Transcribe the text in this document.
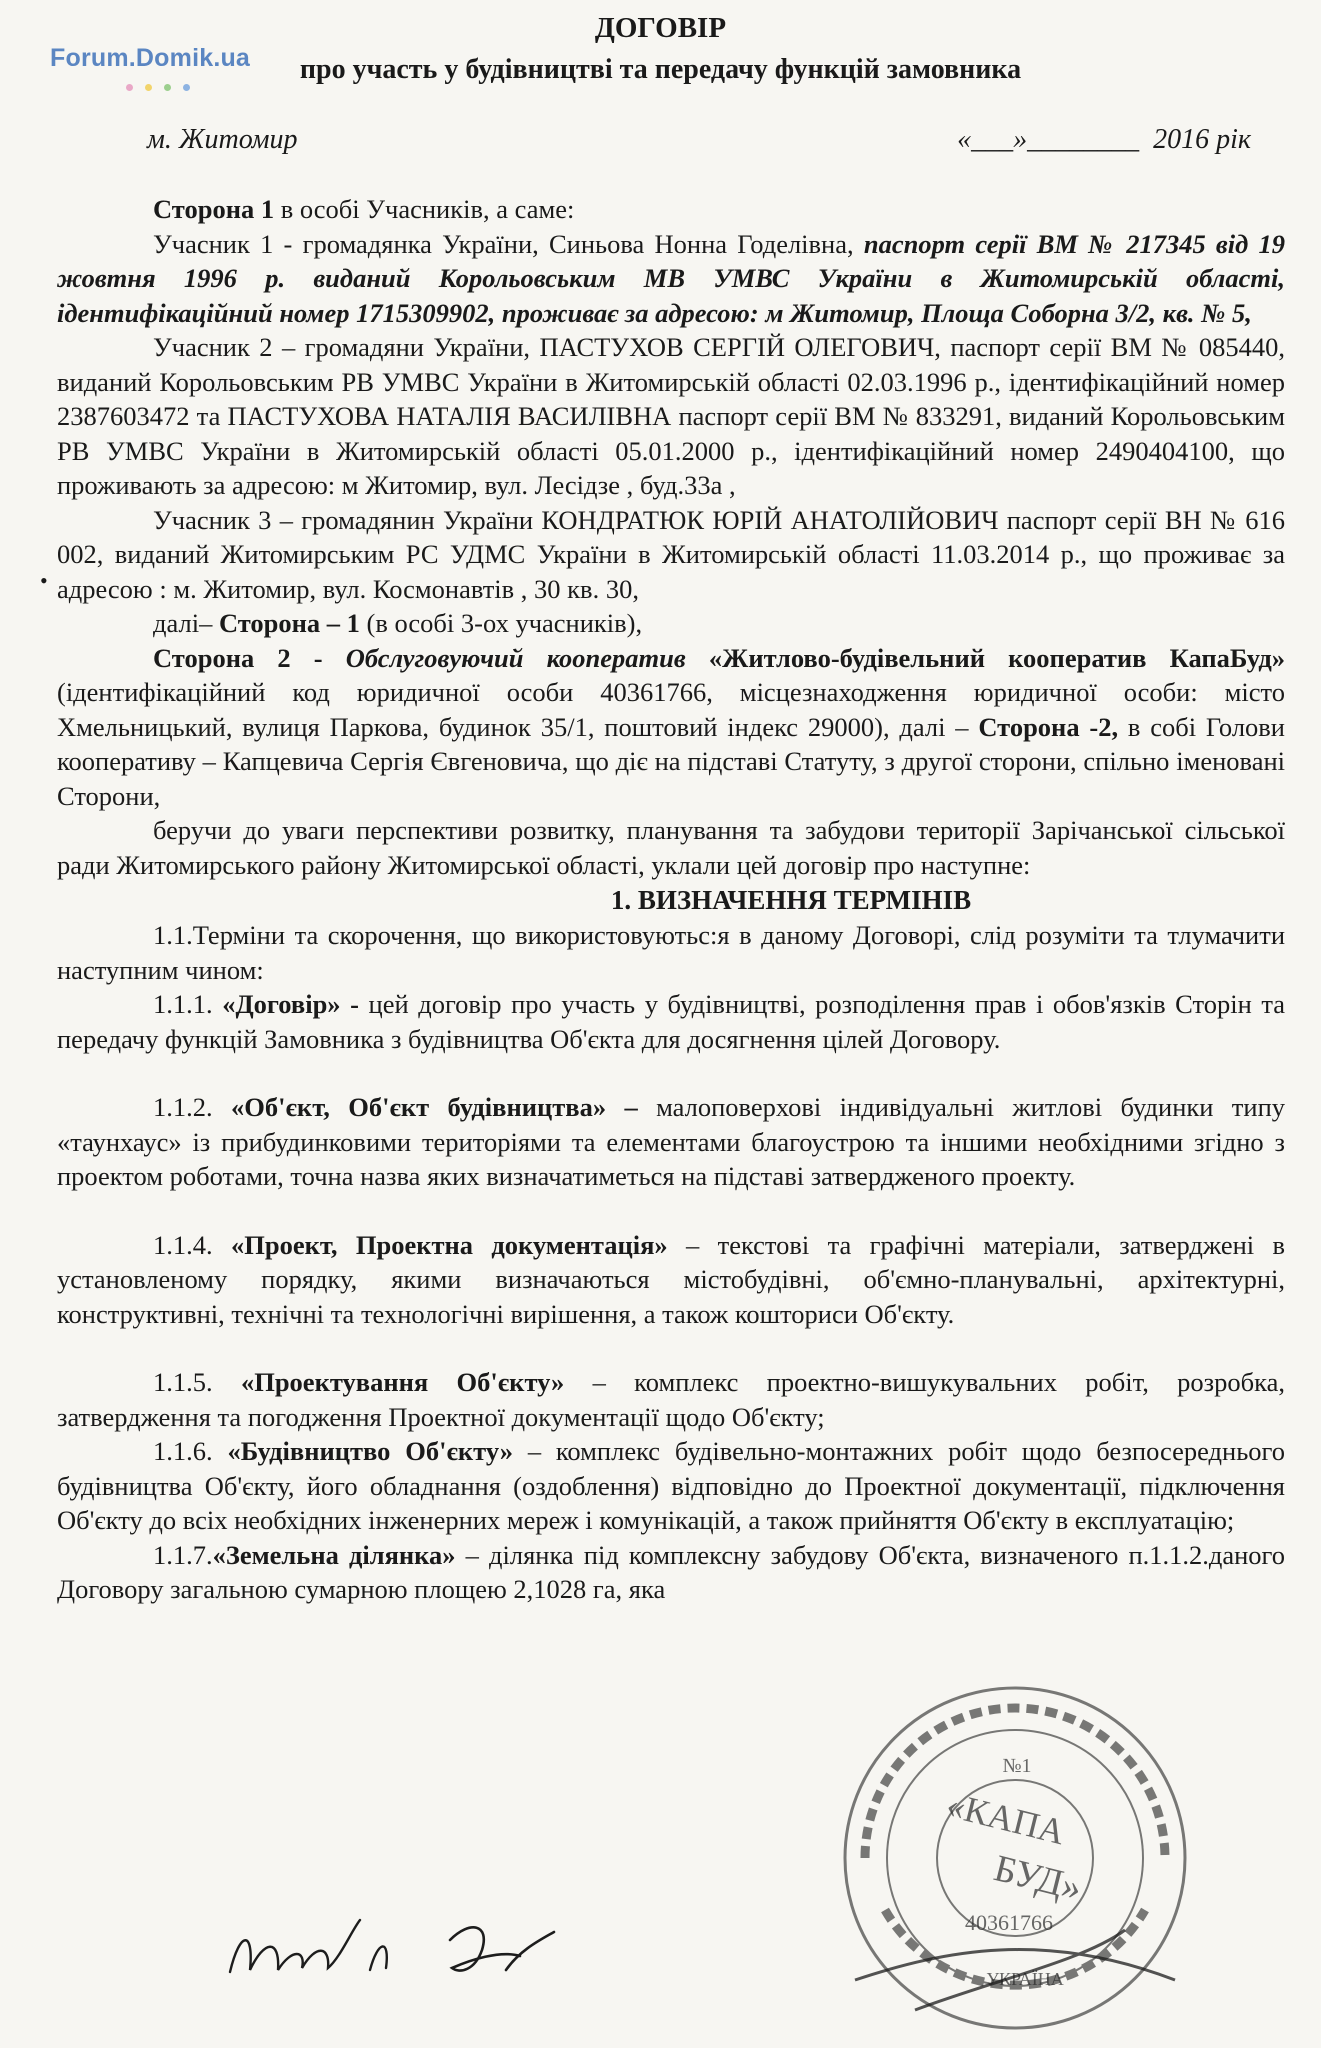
Forum.Domik.ua
ДОГОВІР
про участь у будівництві та передачу функцій замовника
м. Житомир	«___»________  2016 рік
•

Сторона 1 в особі Учасників, а саме:

Учасник 1 - громадянка України, Синьова Нонна Годелівна, паспорт серії ВМ № 217345 від 19 жовтня 1996 р. виданий Корольовським МВ УМВС України в Житомирській області, ідентифікаційний номер 1715309902, проживає за адресою: м Житомир, Площа Соборна 3/2, кв. № 5,

Учасник 2 – громадяни України, ПАСТУХОВ СЕРГІЙ ОЛЕГОВИЧ, паспорт серії ВМ № 085440, виданий Корольовським РВ УМВС України в Житомирській області 02.03.1996 р., ідентифікаційний номер 2387603472 та ПАСТУХОВА НАТАЛІЯ ВАСИЛІВНА паспорт серії ВМ № 833291, виданий Корольовським РВ УМВС України в Житомирській області 05.01.2000 р., ідентифікаційний номер 2490404100, що проживають за адресою: м Житомир, вул. Лесідзе , буд.33а ,

Учасник 3 – громадянин України КОНДРАТЮК ЮРІЙ АНАТОЛІЙОВИЧ паспорт серії ВН № 616 002, виданий Житомирським РС УДМС України в Житомирській області 11.03.2014 р., що проживає за адресою : м. Житомир, вул. Космонавтів , 30 кв. 30,

далі– Сторона – 1 (в особі 3-ох учасників),

Сторона 2 - Обслуговуючий кооператив «Житлово-будівельний кооператив КапаБуд» (ідентифікаційний код юридичної особи 40361766, місцезнаходження юридичної особи: місто Хмельницький, вулиця Паркова, будинок 35/1, поштовий індекс 29000), далі – Сторона -2, в собі Голови кооперативу – Капцевича Сергія Євгеновича, що діє на підставі Статуту, з другої сторони, спільно іменовані Сторони,

беручи до уваги перспективи розвитку, планування та забудови території Зарічанської сільської ради Житомирського району Житомирської області, уклали цей договір про наступне:

1. ВИЗНАЧЕННЯ ТЕРМІНІВ

1.1.Терміни та скорочення, що використовуютьс:я в даному Договорі, слід розуміти та тлумачити наступним чином:

1.1.1. «Договір» - цей договір про участь у будівництві, розподілення прав і обов'язків Сторін та передачу функцій Замовника з будівництва Об'єкта для досягнення цілей Договору.

1.1.2. «Об'єкт, Об'єкт будівництва» – малоповерхові індивідуальні житлові будинки типу «таунхаус» із прибудинковими територіями та елементами благоустрою та іншими необхідними згідно з проектом роботами, точна назва яких визначатиметься на підставі затвердженого проекту.

1.1.4. «Проект, Проектна документація» – текстові та графічні матеріали, затверджені в установленому порядку, якими визначаються містобудівні, об'ємно-планувальні, архітектурні, конструктивні, технічні та технологічні вирішення, а також кошториси Об'єкту.

1.1.5. «Проектування Об'єкту» – комплекс проектно-вишукувальних робіт, розробка, затвердження та погодження Проектної документації щодо Об'єкту;

1.1.6. «Будівництво Об'єкту» – комплекс будівельно-монтажних робіт щодо безпосереднього будівництва Об'єкту, його обладнання (оздоблення) відповідно до Проектної документації, підключення Об'єкту до всіх необхідних інженерних мереж і комунікацій, а також прийняття Об'єкту в експлуатацію;

1.1.7.«Земельна ділянка» – ділянка під комплексну забудову Об'єкта, визначеного п.1.1.2.даного Договору загальною сумарною площею 2,1028 га, яка

№1
«КАПА
БУД»
40361766
УКРАЇНА
